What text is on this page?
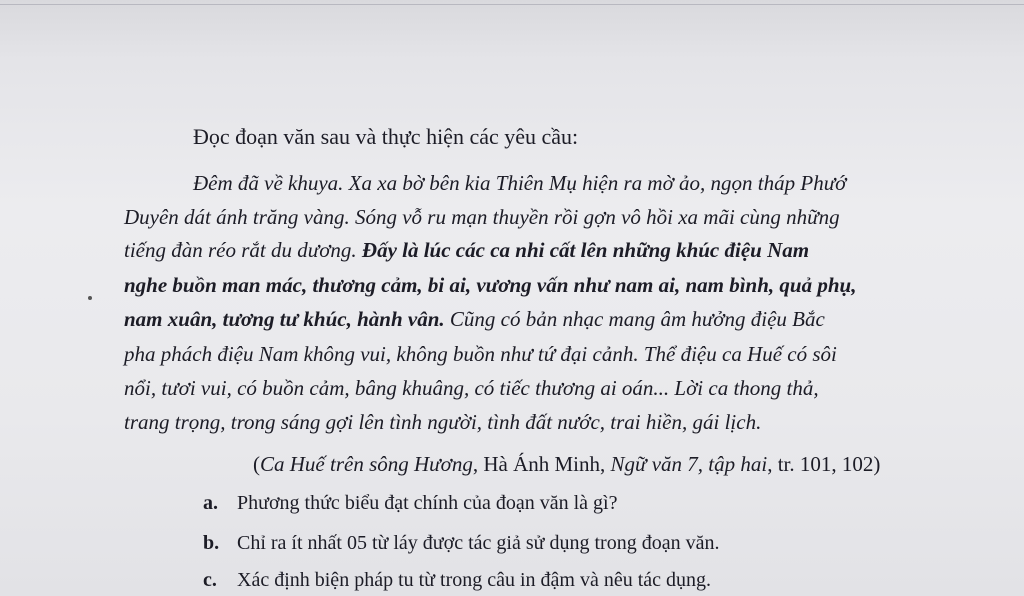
Đọc đoạn văn sau và thực hiện các yêu cầu:
Đêm đã về khuya. Xa xa bờ bên kia Thiên Mụ hiện ra mờ ảo, ngọn tháp Phướ
Duyên dát ánh trăng vàng. Sóng vỗ ru mạn thuyền rồi gợn vô hồi xa mãi cùng những
tiếng đàn réo rắt du dương. Đấy là lúc các ca nhi cất lên những khúc điệu Nam
nghe buồn man mác, thương cảm, bi ai, vương vấn như nam ai, nam bình, quả phụ,
nam xuân, tương tư khúc, hành vân. Cũng có bản nhạc mang âm hưởng điệu Bắc
pha phách điệu Nam không vui, không buồn như tứ đại cảnh. Thể điệu ca Huế có sôi
nổi, tươi vui, có buồn cảm, bâng khuâng, có tiếc thương ai oán... Lời ca thong thả,
trang trọng, trong sáng gợi lên tình người, tình đất nước, trai hiền, gái lịch.
(Ca Huế trên sông Hương, Hà Ánh Minh, Ngữ văn 7, tập hai, tr. 101, 102)
a. Phương thức biểu đạt chính của đoạn văn là gì?
b. Chỉ ra ít nhất 05 từ láy được tác giả sử dụng trong đoạn văn.
c. Xác định biện pháp tu từ trong câu in đậm và nêu tác dụng.
